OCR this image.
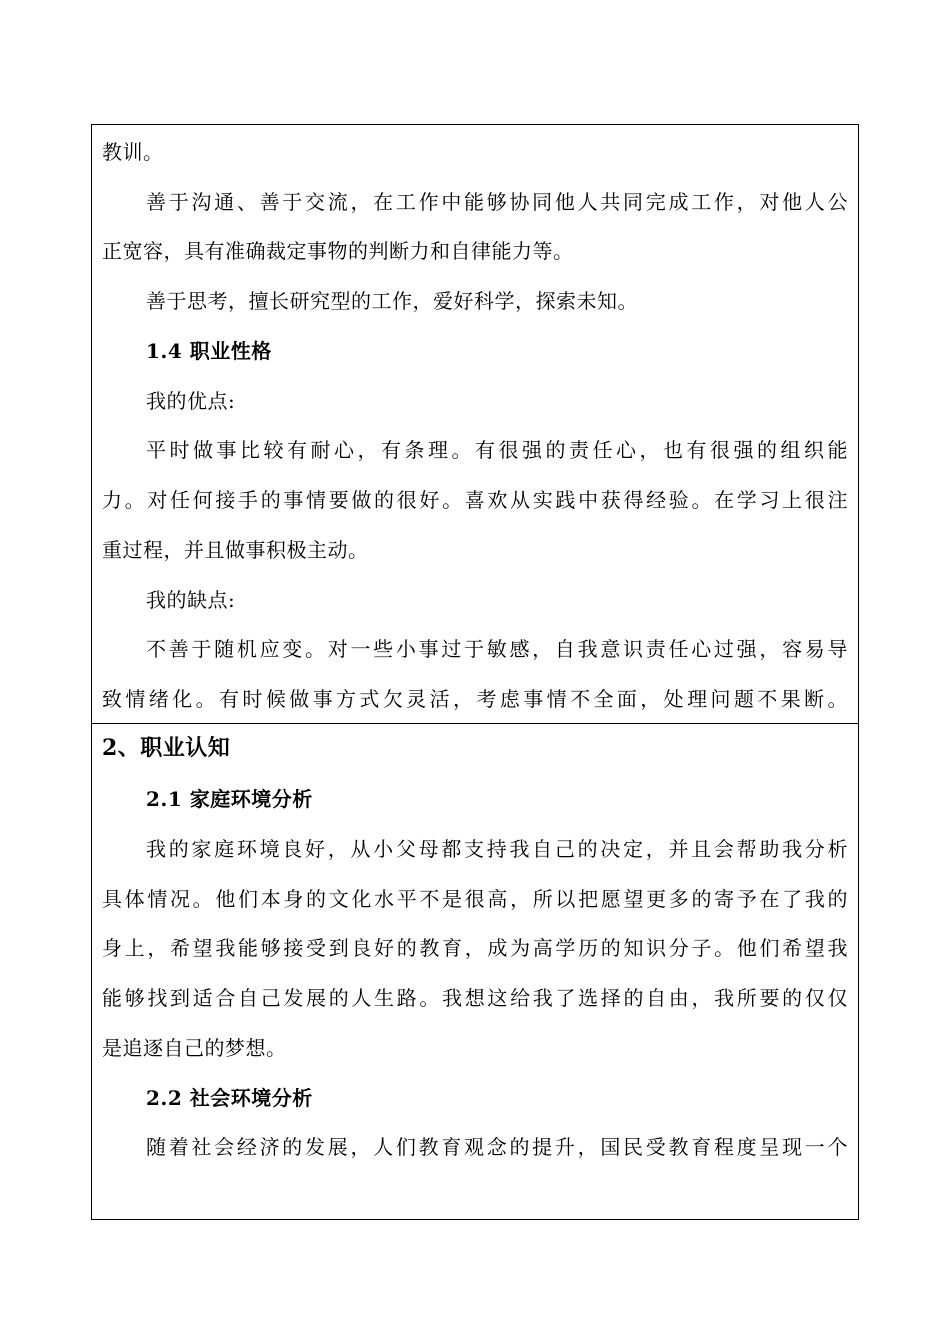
教训。
善于沟通、善于交流，在工作中能够协同他人共同完成工作，对他人公
正宽容，具有准确裁定事物的判断力和自律能力等。
善于思考，擅长研究型的工作，爱好科学，探索未知。
1.4 职业性格
我的优点:
平时做事比较有耐心，有条理。有很强的责任心，也有很强的组织能
力。对任何接手的事情要做的很好。喜欢从实践中获得经验。在学习上很注
重过程，并且做事积极主动。
我的缺点:
不善于随机应变。对一些小事过于敏感，自我意识责任心过强，容易导
致情绪化。有时候做事方式欠灵活，考虑事情不全面，处理问题不果断。
2、职业认知
2.1 家庭环境分析
我的家庭环境良好，从小父母都支持我自己的决定，并且会帮助我分析
具体情况。他们本身的文化水平不是很高，所以把愿望更多的寄予在了我的
身上，希望我能够接受到良好的教育，成为高学历的知识分子。他们希望我
能够找到适合自己发展的人生路。我想这给我了选择的自由，我所要的仅仅
是追逐自己的梦想。
2.2 社会环境分析
随着社会经济的发展，人们教育观念的提升，国民受教育程度呈现一个
